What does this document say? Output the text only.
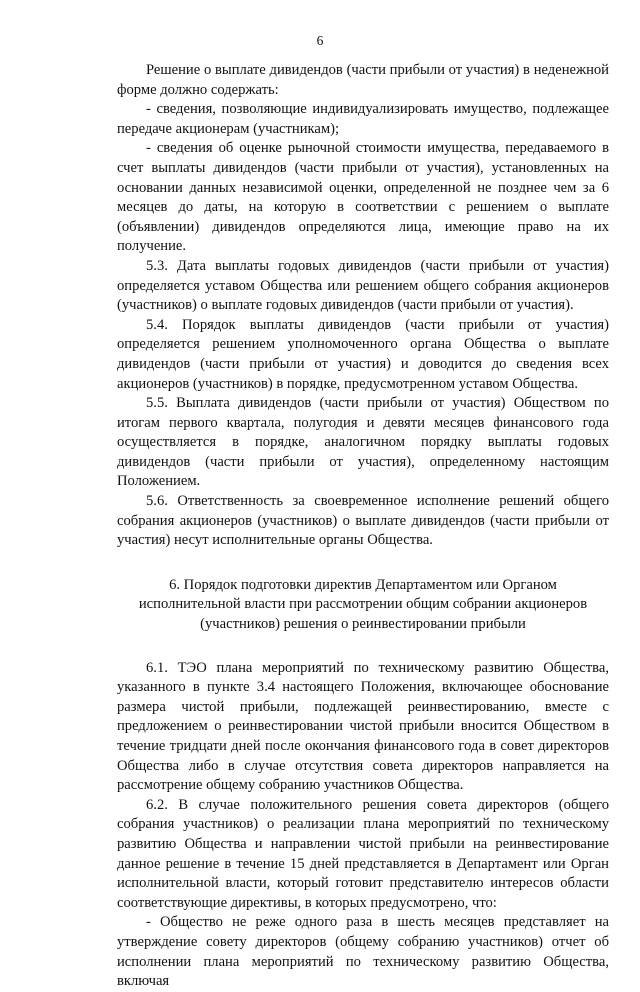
6

Решение о выплате дивидендов (части прибыли от участия) в неденежной форме должно содержать:

- сведения, позволяющие индивидуализировать имущество, подлежащее передаче акционерам (участникам);

- сведения об оценке рыночной стоимости имущества, передаваемого в счет выплаты дивидендов (части прибыли от участия), установленных на основании данных независимой оценки, определенной не позднее чем за 6 месяцев до даты, на которую в соответствии с решением о выплате (объявлении) дивидендов определяются лица, имеющие право на их получение.

5.3. Дата выплаты годовых дивидендов (части прибыли от участия) определяется уставом Общества или решением общего собрания акционеров (участников) о выплате годовых дивидендов (части прибыли от участия).

5.4. Порядок выплаты дивидендов (части прибыли от участия) определяется решением уполномоченного органа Общества о выплате дивидендов (части прибыли от участия) и доводится до сведения всех акционеров (участников) в порядке, предусмотренном уставом Общества.

5.5. Выплата дивидендов (части прибыли от участия) Обществом по итогам первого квартала, полугодия и девяти месяцев финансового года осуществляется в порядке, аналогичном порядку выплаты годовых дивидендов (части прибыли от участия), определенному настоящим Положением.

5.6. Ответственность за своевременное исполнение решений общего собрания акционеров (участников) о выплате дивидендов (части прибыли от участия) несут исполнительные органы Общества.

6. Порядок подготовки директив Департаментом или Органом исполнительной власти при рассмотрении общим собрании акционеров (участников) решения о реинвестировании прибыли

6.1. ТЭО плана мероприятий по техническому развитию Общества, указанного в пункте 3.4 настоящего Положения, включающее обоснование размера чистой прибыли, подлежащей реинвестированию, вместе с предложением о реинвестировании чистой прибыли вносится Обществом в течение тридцати дней после окончания финансового года в совет директоров Общества либо в случае отсутствия совета директоров направляется на рассмотрение общему собранию участников Общества.

6.2. В случае положительного решения совета директоров (общего собрания участников) о реализации плана мероприятий по техническому развитию Общества и направлении чистой прибыли на реинвестирование данное решение в течение 15 дней представляется в Департамент или Орган исполнительной власти, который готовит представителю интересов области соответствующие директивы, в которых предусмотрено, что:

- Общество не реже одного раза в шесть месяцев представляет на утверждение совету директоров (общему собранию участников) отчет об исполнении плана мероприятий по техническому развитию Общества, включая
